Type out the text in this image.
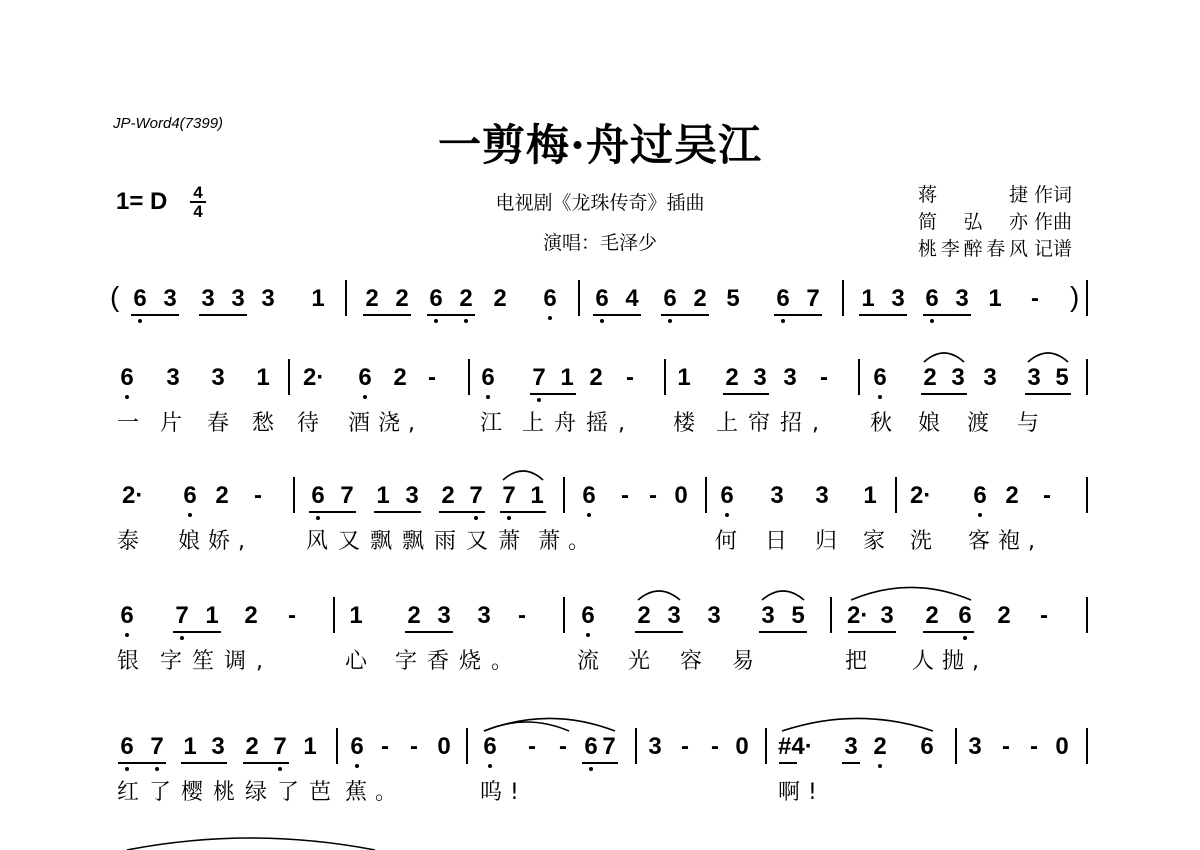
JP-Word4(7399)	一剪梅·舟过吴江
1= D	4
4	电视剧《龙珠传奇》插曲
演唱：毛泽少
蒋捷 作词
简弘亦 作曲
桃李醉春风 记谱
(	)
6 3 3 3 3 1 2 2 6 2 2 6 6 4 6 2 5 6 7 1 3 6 3 1 -
6 3 3 1 2·	6 2 - 6 7 1 2 - 1 2 3 3 - 6 2 3 3 3 5
一 片 春 愁 待 酒浇,	江 上舟摇, 楼 上帘招, 秋 娘 渡 与
2·	6 2 - 6 7 1 3 2 7 7 1 6 - - 0 6 3 3 1 2·	6 2 -
泰 娘娇, 风又飘飘雨又萧 萧。	何 日 归 家 洗 客袍,
6 7 1 2 - 1 2 3 3 - 6 2 3 3 3 5 2· 3 2 6 2 -
银 字笙调,	心 字香烧。 流 光 容 易	把 人抛,
6 7 1 3 2 7 1 6 - - 0 6 - - 6 7 3 - - 0 #4· 3 2 6 3 - - 0
红了樱桃绿了芭 蕉。	呜!	啊!
